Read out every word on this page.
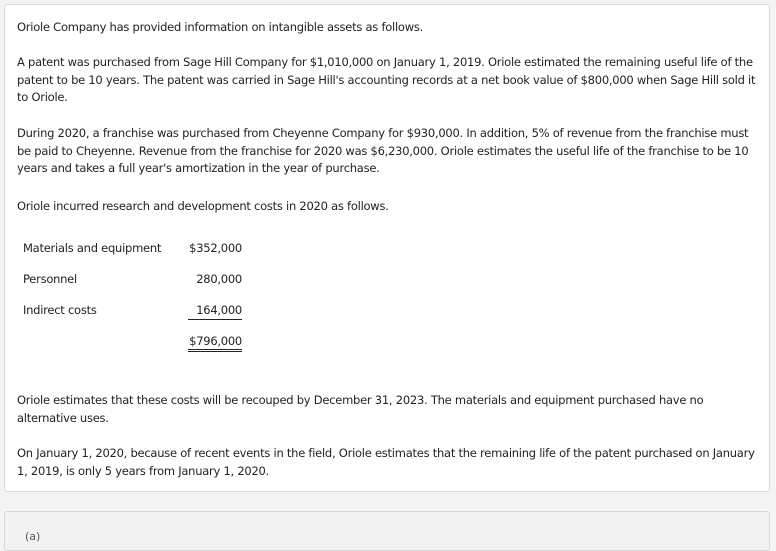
Oriole Company has provided information on intangible assets as follows.

A patent was purchased from Sage Hill Company for $1,010,000 on January 1, 2019. Oriole estimated the remaining useful life of the patent to be 10 years. The patent was carried in Sage Hill's accounting records at a net book value of $800,000 when Sage Hill sold it to Oriole.

During 2020, a franchise was purchased from Cheyenne Company for $930,000. In addition, 5% of revenue from the franchise must be paid to Cheyenne. Revenue from the franchise for 2020 was $6,230,000. Oriole estimates the useful life of the franchise to be 10 years and takes a full year's amortization in the year of purchase.

Oriole incurred research and development costs in 2020 as follows.

Materials and equipment $352,000
Personnel	280,000
Indirect costs	164,000
$796,000

Oriole estimates that these costs will be recouped by December 31, 2023. The materials and equipment purchased have no alternative uses.

On January 1, 2020, because of recent events in the field, Oriole estimates that the remaining life of the patent purchased on January 1, 2019, is only 5 years from January 1, 2020.

(a)
